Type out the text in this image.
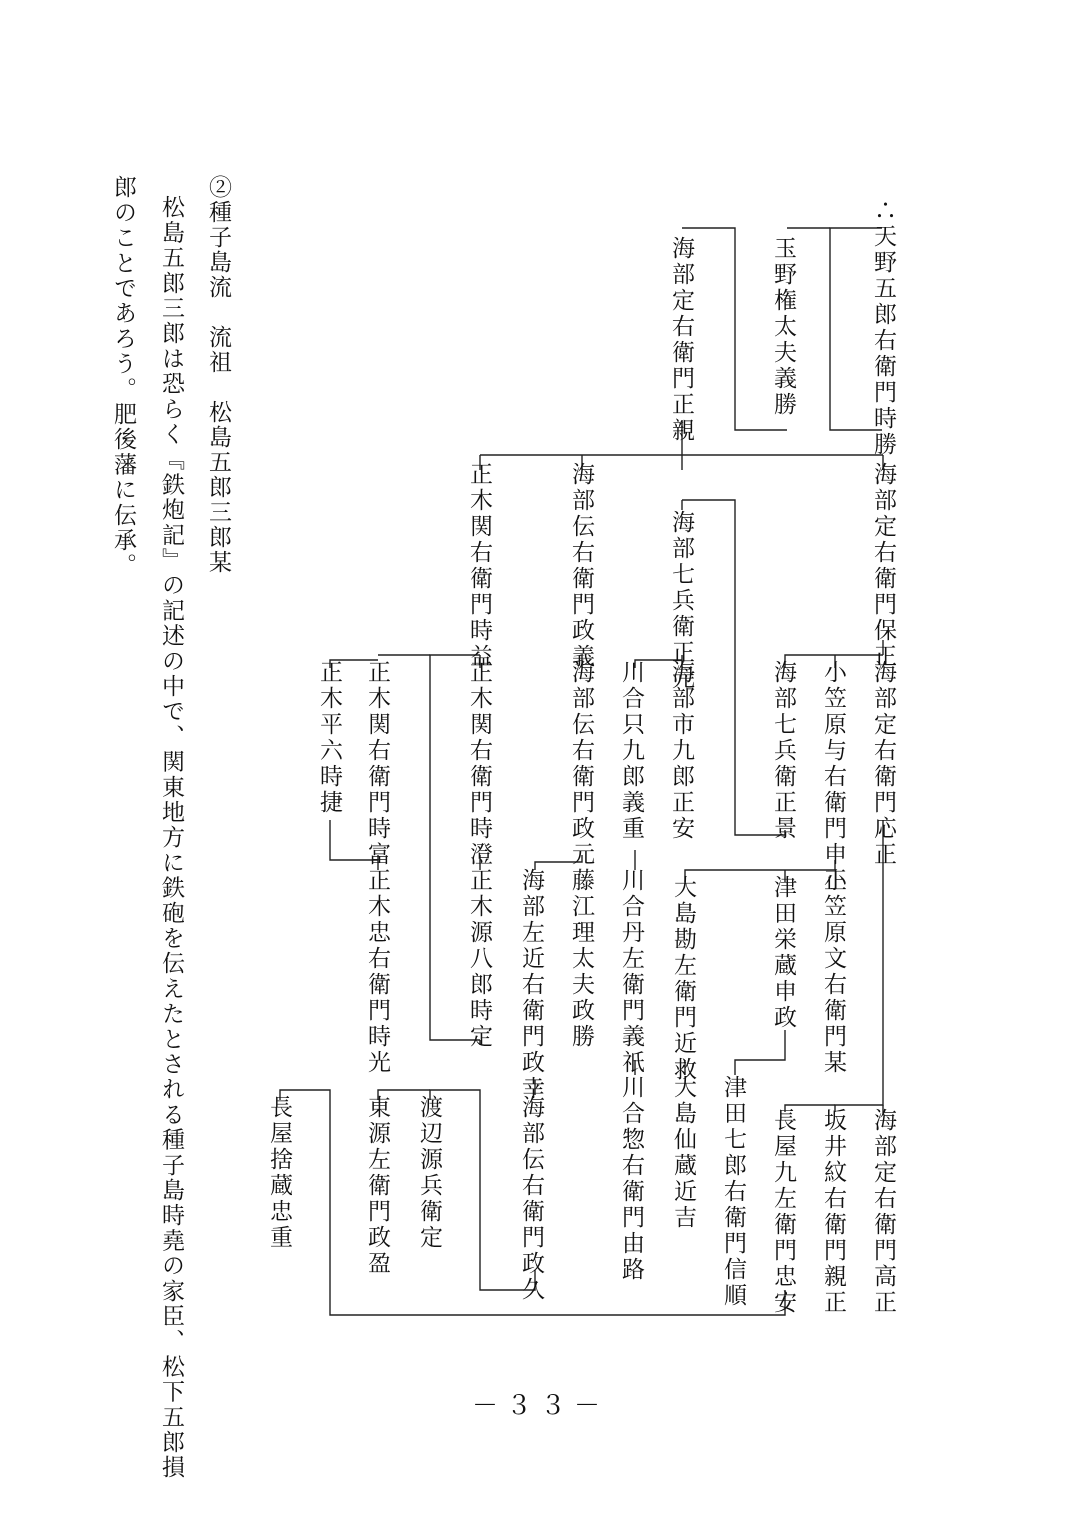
∴天野五郎右衛門時勝
玉野権太夫義勝
海部定右衛門正親
海部定右衛門保正
海部七兵衛正元
海部伝右衛門政義
正木関右衛門時益
海部定右衛門応正
小笠原与右衛門申正
海部七兵衛正景
海部市九郎正安
川合只九郎義重
海部伝右衛門政元
正木関右衛門時澄
正木関右衛門時富
正木平六時捷
小笠原文右衛門某
津田栄蔵申政
大島勘左衛門近救
川合丹左衛門義祇
藤江理太夫政勝
海部左近右衛門政幸
正木源八郎時定
正木忠右衛門時光
海部定右衛門高正
坂井紋右衛門親正
長屋九左衛門忠安
津田七郎右衛門信順
大島仙蔵近吉
川合惣右衛門由路
海部伝右衛門政久
渡辺源兵衛定
東源左衛門政盈
長屋捨蔵忠重
②種子島流　流祖　松島五郎三郎某
松島五郎三郎は恐らく『鉄炮記』の記述の中で、関東地方に鉄砲を伝えたとされる種子島時堯の家臣、松下五郎損
郎のことであろう。肥後藩に伝承。
－３３－
